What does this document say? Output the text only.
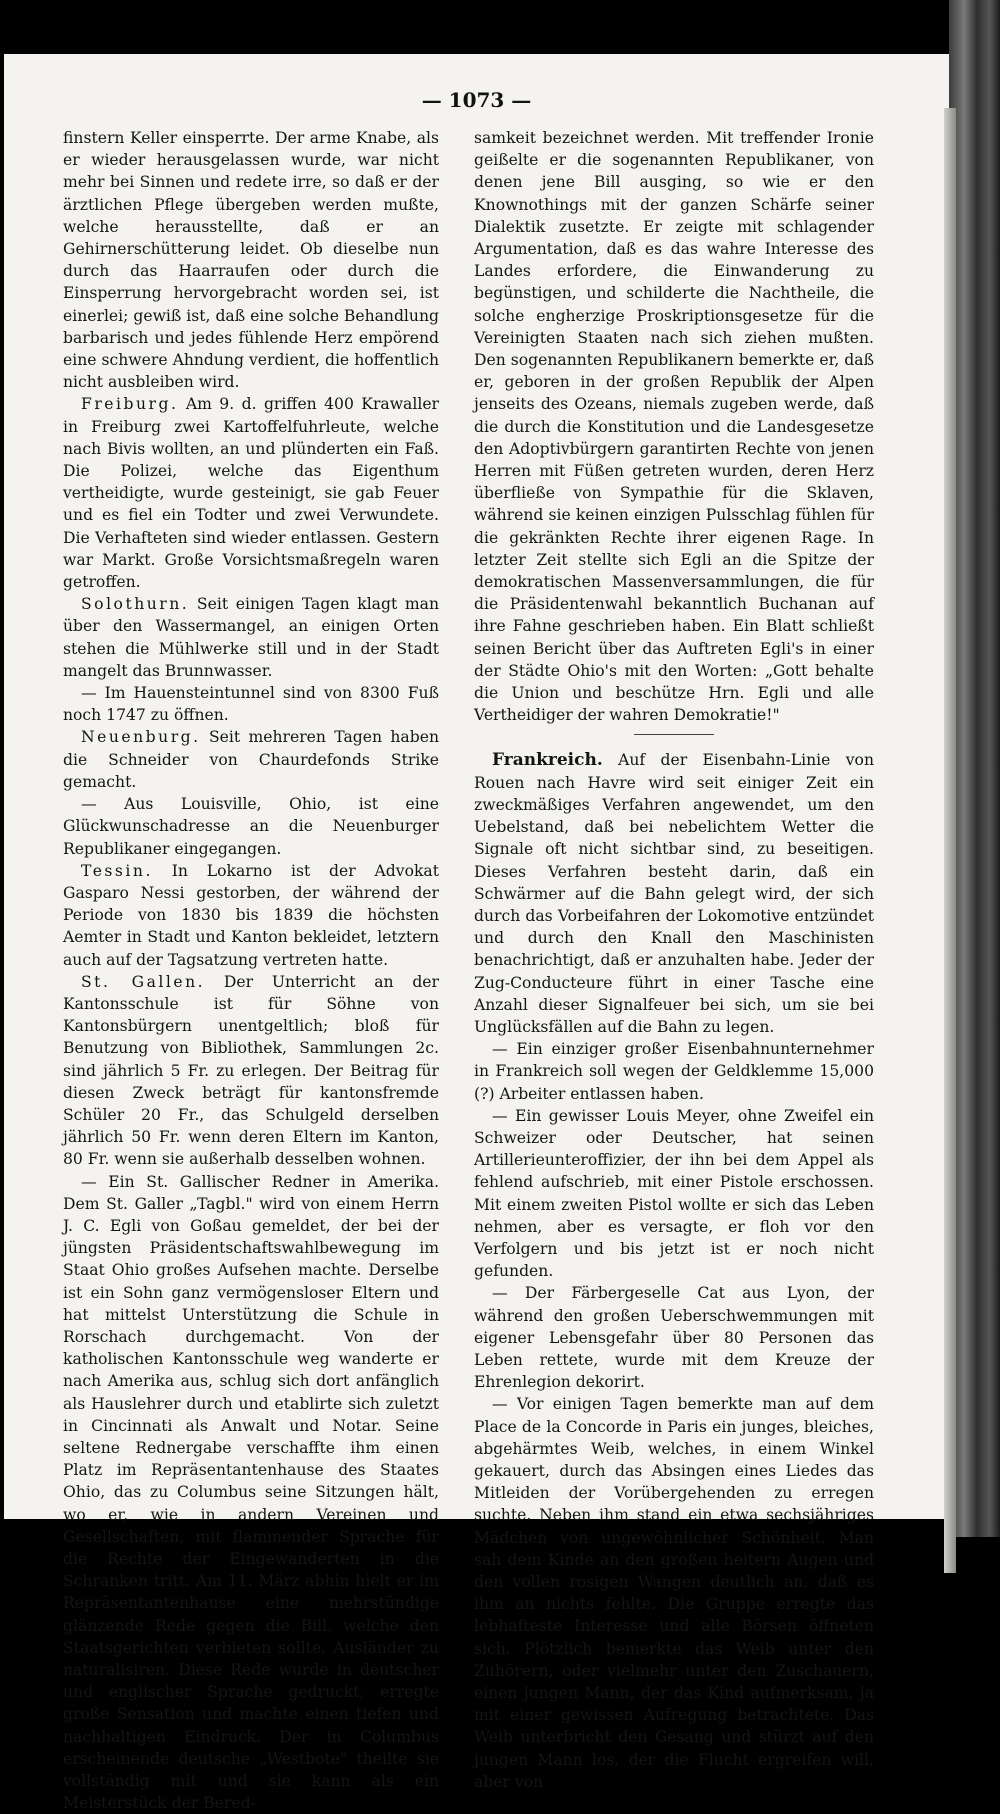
— 1073 —

finstern Keller einsperrte. Der arme Knabe, als er wieder herausgelassen wurde, war nicht mehr bei Sinnen und redete irre, so daß er der ärztlichen Pflege übergeben werden mußte, welche herausstellte, daß er an Gehirnerschütterung leidet. Ob dieselbe nun durch das Haarraufen oder durch die Einsperrung hervorgebracht worden sei, ist einerlei; gewiß ist, daß eine solche Behandlung barbarisch und jedes fühlende Herz empörend eine schwere Ahndung verdient, die hoffentlich nicht ausbleiben wird.

Freiburg. Am 9. d. griffen 400 Krawaller in Freiburg zwei Kartoffelfuhrleute, welche nach Bivis wollten, an und plünderten ein Faß. Die Polizei, welche das Eigenthum vertheidigte, wurde gesteinigt, sie gab Feuer und es fiel ein Todter und zwei Verwundete. Die Verhafteten sind wieder entlassen. Gestern war Markt. Große Vorsichtsmaßregeln waren getroffen.

Solothurn. Seit einigen Tagen klagt man über den Wassermangel, an einigen Orten stehen die Mühlwerke still und in der Stadt mangelt das Brunnwasser.

— Im Hauensteintunnel sind von 8300 Fuß noch 1747 zu öffnen.

Neuenburg. Seit mehreren Tagen haben die Schneider von Chaurdefonds Strike gemacht.

— Aus Louisville, Ohio, ist eine Glückwunschadresse an die Neuenburger Republikaner eingegangen.

Tessin. In Lokarno ist der Advokat Gasparo Nessi gestorben, der während der Periode von 1830 bis 1839 die höchsten Aemter in Stadt und Kanton bekleidet, letztern auch auf der Tagsatzung vertreten hatte.

St. Gallen. Der Unterricht an der Kantonsschule ist für Söhne von Kantonsbürgern unentgeltlich; bloß für Benutzung von Bibliothek, Sammlungen 2c. sind jährlich 5 Fr. zu erlegen. Der Beitrag für diesen Zweck beträgt für kantonsfremde Schüler 20 Fr., das Schulgeld derselben jährlich 50 Fr. wenn deren Eltern im Kanton, 80 Fr. wenn sie außerhalb desselben wohnen.

— Ein St. Gallischer Redner in Amerika. Dem St. Galler „Tagbl." wird von einem Herrn J. C. Egli von Goßau gemeldet, der bei der jüngsten Präsidentschaftswahlbewegung im Staat Ohio großes Aufsehen machte. Derselbe ist ein Sohn ganz vermögensloser Eltern und hat mittelst Unterstützung die Schule in Rorschach durchgemacht. Von der katholischen Kantonsschule weg wanderte er nach Amerika aus, schlug sich dort anfänglich als Hauslehrer durch und etablirte sich zuletzt in Cincinnati als Anwalt und Notar. Seine seltene Rednergabe verschaffte ihm einen Platz im Repräsentantenhause des Staates Ohio, das zu Columbus seine Sitzungen hält, wo er, wie in andern Vereinen und Gesellschaften, mit flammender Sprache für die Rechte der Eingewanderten in die Schranken tritt. Am 11. März abhin hielt er im Repräsentantenhause eine mehrstündige glänzende Rede gegen die Bill, welche den Staatsgerichten verbieten sollte, Ausländer zu naturalisiren. Diese Rede wurde in deutscher und englischer Sprache gedruckt, erregte große Sensation und machte einen tiefen und nachhaltigen Eindruck. Der in Columbus erscheinende deutsche „Westbote" theilte sie vollständig mit und sie kann als ein Meisterstück der Bered-

samkeit bezeichnet werden. Mit treffender Ironie geißelte er die sogenannten Republikaner, von denen jene Bill ausging, so wie er den Knownothings mit der ganzen Schärfe seiner Dialektik zusetzte. Er zeigte mit schlagender Argumentation, daß es das wahre Interesse des Landes erfordere, die Einwanderung zu begünstigen, und schilderte die Nachtheile, die solche engherzige Proskriptionsgesetze für die Vereinigten Staaten nach sich ziehen mußten. Den sogenannten Republikanern bemerkte er, daß er, geboren in der großen Republik der Alpen jenseits des Ozeans, niemals zugeben werde, daß die durch die Konstitution und die Landesgesetze den Adoptivbürgern garantirten Rechte von jenen Herren mit Füßen getreten wurden, deren Herz überfließe von Sympathie für die Sklaven, während sie keinen einzigen Pulsschlag fühlen für die gekränkten Rechte ihrer eigenen Rage. In letzter Zeit stellte sich Egli an die Spitze der demokratischen Massenversammlungen, die für die Präsidentenwahl bekanntlich Buchanan auf ihre Fahne geschrieben haben. Ein Blatt schließt seinen Bericht über das Auftreten Egli's in einer der Städte Ohio's mit den Worten: „Gott behalte die Union und beschütze Hrn. Egli und alle Vertheidiger der wahren Demokratie!"

Frankreich. Auf der Eisenbahn-Linie von Rouen nach Havre wird seit einiger Zeit ein zweckmäßiges Verfahren angewendet, um den Uebelstand, daß bei nebelichtem Wetter die Signale oft nicht sichtbar sind, zu beseitigen. Dieses Verfahren besteht darin, daß ein Schwärmer auf die Bahn gelegt wird, der sich durch das Vorbeifahren der Lokomotive entzündet und durch den Knall den Maschinisten benachrichtigt, daß er anzuhalten habe. Jeder der Zug-Conducteure führt in einer Tasche eine Anzahl dieser Signalfeuer bei sich, um sie bei Unglücksfällen auf die Bahn zu legen.

— Ein einziger großer Eisenbahnunternehmer in Frankreich soll wegen der Geldklemme 15,000 (?) Arbeiter entlassen haben.

— Ein gewisser Louis Meyer, ohne Zweifel ein Schweizer oder Deutscher, hat seinen Artillerieunteroffizier, der ihn bei dem Appel als fehlend aufschrieb, mit einer Pistole erschossen. Mit einem zweiten Pistol wollte er sich das Leben nehmen, aber es versagte, er floh vor den Verfolgern und bis jetzt ist er noch nicht gefunden.

— Der Färbergeselle Cat aus Lyon, der während den großen Ueberschwemmungen mit eigener Lebensgefahr über 80 Personen das Leben rettete, wurde mit dem Kreuze der Ehrenlegion dekorirt.

— Vor einigen Tagen bemerkte man auf dem Place de la Concorde in Paris ein junges, bleiches, abgehärmtes Weib, welches, in einem Winkel gekauert, durch das Absingen eines Liedes das Mitleiden der Vorübergehenden zu erregen suchte. Neben ihm stand ein etwa sechsjähriges Mädchen von ungewöhnlicher Schönheit. Man sah dem Kinde an den großen heitern Augen und den vollen rosigen Wangen deutlich an, daß es ihm an nichts fehlte. Die Gruppe erregte das lebhafteste Interesse und alle Börsen öffneten sich. Plötzlich bemerkte das Weib unter den Zuhörern, oder vielmehr unter den Zuschauern, einen jungen Mann, der das Kind aufmerksam, ja mit einer gewissen Aufregung betrachtete. Das Weib unterbricht den Gesang und stürzt auf den jungen Mann los, der die Flucht ergreifen will, aber von
